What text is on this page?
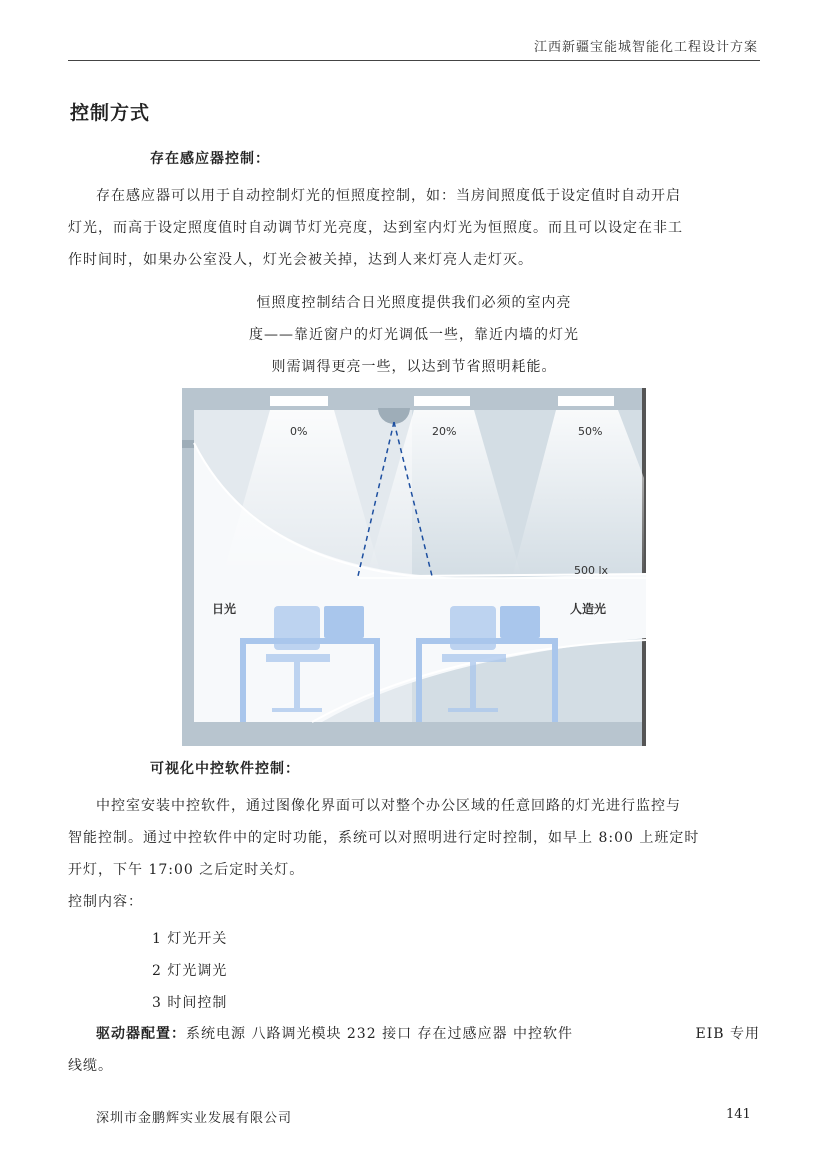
江西新疆宝能城智能化工程设计方案
控制方式
存在感应器控制：
存在感应器可以用于自动控制灯光的恒照度控制，如：当房间照度低于设定值时自动开启
灯光，而高于设定照度值时自动调节灯光亮度，达到室内灯光为恒照度。而且可以设定在非工
作时间时，如果办公室没人，灯光会被关掉，达到人来灯亮人走灯灭。
恒照度控制结合日光照度提供我们必须的室内亮
度——靠近窗户的灯光调低一些，靠近内墙的灯光
则需调得更亮一些，以达到节省照明耗能。
0%	20%	50%
500 lx
日光	人造光
可视化中控软件控制：
中控室安装中控软件，通过图像化界面可以对整个办公区域的任意回路的灯光进行监控与
智能控制。通过中控软件中的定时功能，系统可以对照明进行定时控制，如早上 8:00 上班定时
开灯，下午 17:00 之后定时关灯。
控制内容：
1 灯光开关
2 灯光调光
3 时间控制
驱动器配置：系统电源 八路调光模块 232 接口 存在过感应器 中控软件	EIB 专用
线缆。
深圳市金鹏辉实业发展有限公司	141
